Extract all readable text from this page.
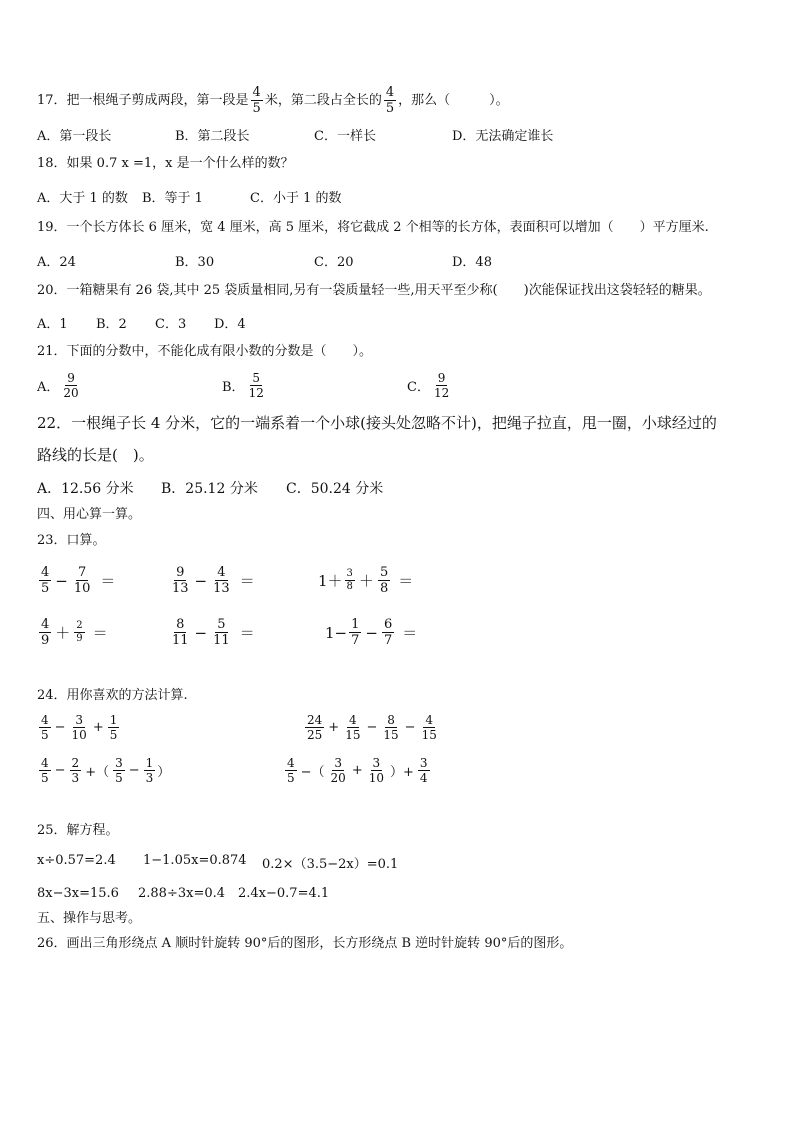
17．把一根绳子剪成两段，第一段是 $\frac{4}{5}$ 米，第二段占全长的 $\frac{4}{5}$ ，那么（　　　）。
A．第一段长	B．第二段长	C．一样长	D．无法确定谁长
18．如果 0.7 x =1，x 是一个什么样的数？
A．大于 1 的数 B．等于 1	C．小于 1 的数
19．一个长方体长 6 厘米，宽 4 厘米，高 5 厘米，将它截成 2 个相等的长方体，表面积可以增加（　　）平方厘米.
A．24	B．30	C．20	D．48
20．一箱糖果有 26 袋,其中 25 袋质量相同,另有一袋质量轻一些,用天平至少称(　　)次能保证找出这袋轻轻的糖果。
A．1 B．2 C．3 D．4
21．下面的分数中，不能化成有限小数的分数是（　　）。
A． $\frac{9}{20}$	B． $\frac{5}{12}$	C． $\frac{9}{12}$
22．一根绳子长 4 分米，它的一端系着一个小球(接头处忽略不计)，把绳子拉直，甩一圈，小球经过的
路线的长是(　)。
A．12.56 分米 B．25.12 分米 C．50.24 分米
四、用心算一算。
23．口算。
$\frac{4}{5} - \frac{7}{10}$ ＝	$\frac{9}{13} - \frac{4}{13}$ ＝	$1+ \frac{3}{8} + \frac{5}{8}$ ＝
$\frac{4}{9} + \frac{2}{9}$ ＝	$\frac{8}{11} - \frac{5}{11}$ ＝	$1- \frac{1}{7} - \frac{6}{7}$ ＝
24．用你喜欢的方法计算.
$\frac{4}{5} - \frac{3}{10} + \frac{1}{5}$	$\frac{24}{25} + \frac{4}{15} - \frac{8}{15} - \frac{4}{15}$
$\frac{4}{5} - \frac{2}{3}$ +（ $\frac{3}{5} - \frac{1}{3}$ ）	$\frac{4}{5}$ −（ $\frac{3}{20} + \frac{3}{10}$ ）+ $\frac{3}{4}$
25．解方程。
x÷0.57=2.4 1−1.05x=0.874 0.2×（3.5−2x）=0.1
8x−3x=15.6 2.88÷3x=0.4 2.4x−0.7=4.1
五、操作与思考。
26．画出三角形绕点 A 顺时针旋转 90°后的图形，长方形绕点 B 逆时针旋转 90°后的图形。
